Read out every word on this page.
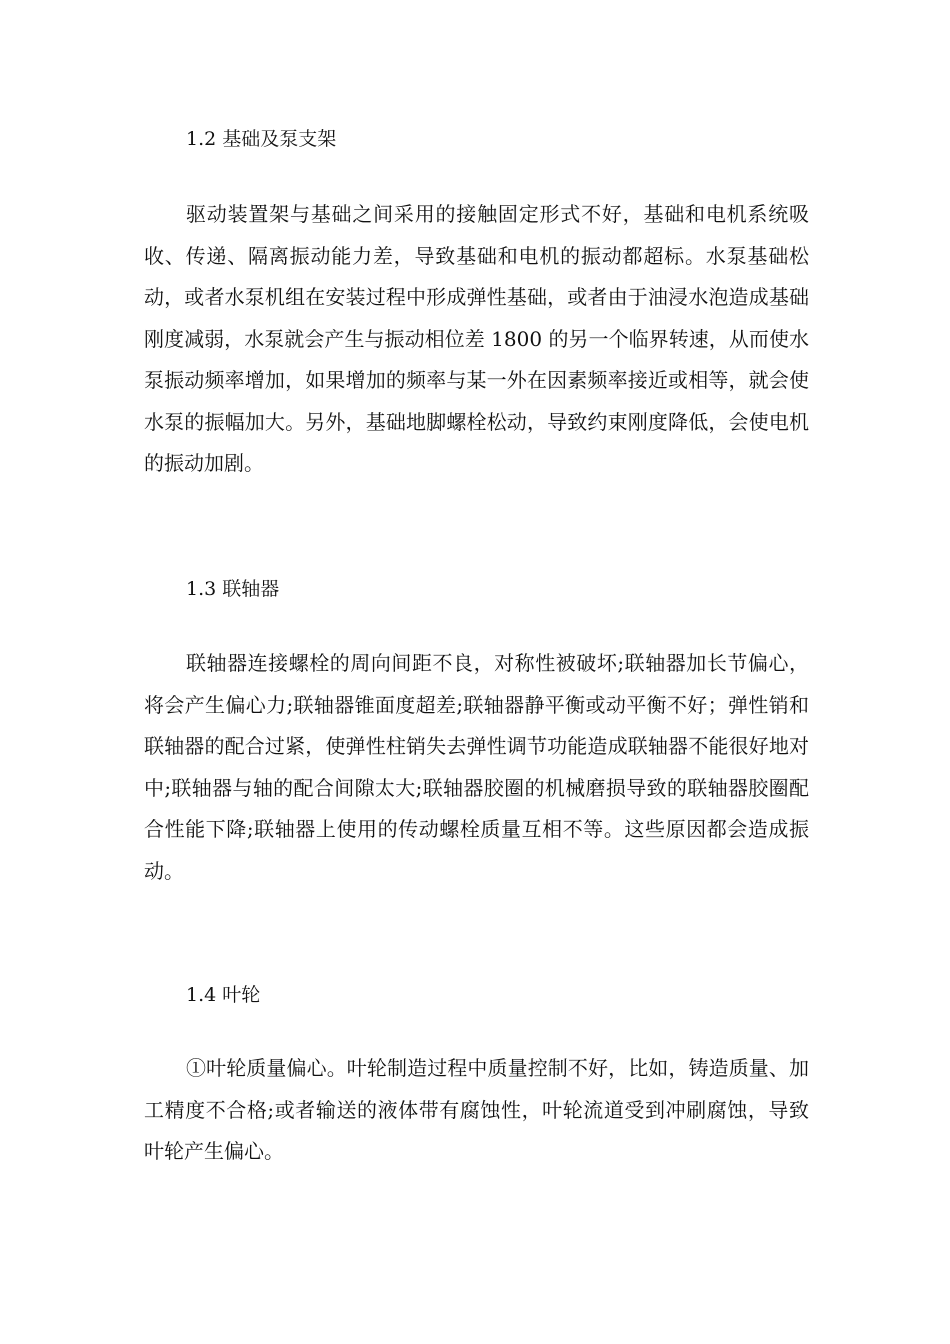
1.2 基础及泵支架

驱动装置架与基础之间采用的接触固定形式不好，基础和电机系统吸收、传递、隔离振动能力差，导致基础和电机的振动都超标。水泵基础松动，或者水泵机组在安装过程中形成弹性基础，或者由于油浸水泡造成基础刚度减弱，水泵就会产生与振动相位差 1800 的另一个临界转速，从而使水泵振动频率增加，如果增加的频率与某一外在因素频率接近或相等，就会使水泵的振幅加大。另外，基础地脚螺栓松动，导致约束刚度降低，会使电机的振动加剧。

1.3 联轴器

联轴器连接螺栓的周向间距不良，对称性被破坏;联轴器加长节偏心，将会产生偏心力;联轴器锥面度超差;联轴器静平衡或动平衡不好；弹性销和联轴器的配合过紧，使弹性柱销失去弹性调节功能造成联轴器不能很好地对中;联轴器与轴的配合间隙太大;联轴器胶圈的机械磨损导致的联轴器胶圈配合性能下降;联轴器上使用的传动螺栓质量互相不等。这些原因都会造成振动。

1.4 叶轮

①叶轮质量偏心。叶轮制造过程中质量控制不好，比如，铸造质量、加工精度不合格;或者输送的液体带有腐蚀性，叶轮流道受到冲刷腐蚀，导致叶轮产生偏心。
